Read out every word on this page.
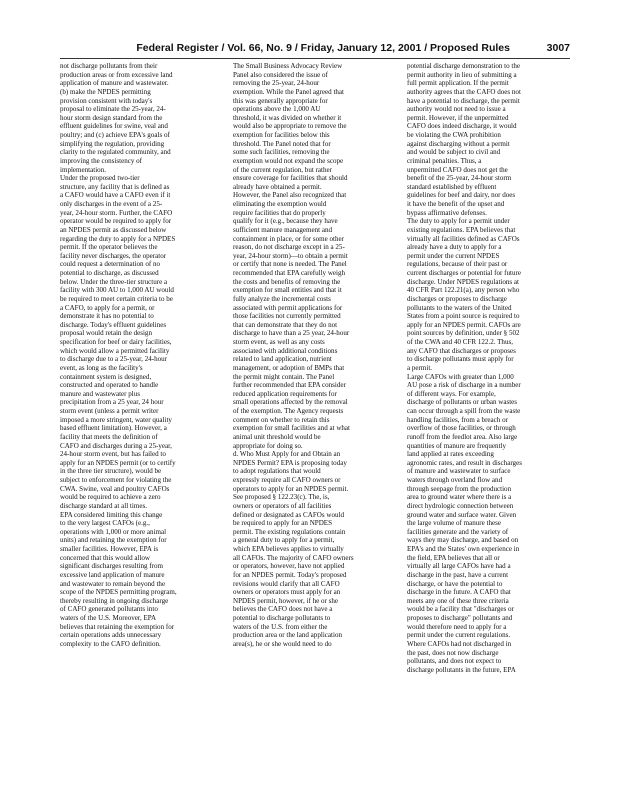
Federal Register / Vol. 66, No. 9 / Friday, January 12, 2001 / Proposed Rules	3007

not discharge pollutants from their

production areas or from excessive land

application of manure and wastewater.

(b) make the NPDES permitting

provision consistent with today's

proposal to eliminate the 25-year, 24-

hour storm design standard from the

effluent guidelines for swine, veal and

poultry; and (c) achieve EPA's goals of

simplifying the regulation, providing

clarity to the regulated community, and

improving the consistency of

implementation.

Under the proposed two-tier

structure, any facility that is defined as

a CAFO would have a CAFO even if it

only discharges in the event of a 25-

year, 24-hour storm. Further, the CAFO

operator would be required to apply for

an NPDES permit as discussed below

regarding the duty to apply for a NPDES

permit. If the operator believes the

facility never discharges, the operator

could request a determination of no

potential to discharge, as discussed

below. Under the three-tier structure a

facility with 300 AU to 1,000 AU would

be required to meet certain criteria to be

a CAFO, to apply for a permit, or

demonstrate it has no potential to

discharge. Today's effluent guidelines

proposal would retain the design

specification for beef or dairy facilities,

which would allow a permitted facility

to discharge due to a 25-year, 24-hour

event, as long as the facility's

containment system is designed,

constructed and operated to handle

manure and wastewater plus

precipitation from a 25 year, 24 hour

storm event (unless a permit writer

imposed a more stringent, water quality

based effluent limitation). However, a

facility that meets the definition of

CAFO and discharges during a 25-year,

24-hour storm event, but has failed to

apply for an NPDES permit (or to certify

in the three tier structure), would be

subject to enforcement for violating the

CWA. Swine, veal and poultry CAFOs

would be required to achieve a zero

discharge standard at all times.

EPA considered limiting this change

to the very largest CAFOs (e.g.,

operations with 1,000 or more animal

units) and retaining the exemption for

smaller facilities. However, EPA is

concerned that this would allow

significant discharges resulting from

excessive land application of manure

and wastewater to remain beyond the

scope of the NPDES permitting program,

thereby resulting in ongoing discharge

of CAFO generated pollutants into

waters of the U.S. Moreover, EPA

believes that retaining the exemption for

certain operations adds unnecessary

complexity to the CAFO definition.

The Small Business Advocacy Review

Panel also considered the issue of

removing the 25-year, 24-hour

exemption. While the Panel agreed that

this was generally appropriate for

operations above the 1,000 AU

threshold, it was divided on whether it

would also be appropriate to remove the

exemption for facilities below this

threshold. The Panel noted that for

some such facilities, removing the

exemption would not expand the scope

of the current regulation, but rather

ensure coverage for facilities that should

already have obtained a permit.

However, the Panel also recognized that

eliminating the exemption would

require facilities that do properly

qualify for it (e.g., because they have

sufficient manure management and

containment in place, or for some other

reason, do not discharge except in a 25-

year, 24-hour storm)—to obtain a permit

or certify that none is needed. The Panel

recommended that EPA carefully weigh

the costs and benefits of removing the

exemption for small entities and that it

fully analyze the incremental costs

associated with permit applications for

those facilities not currently permitted

that can demonstrate that they do not

discharge to have than a 25 year, 24-hour

storm event, as well as any costs

associated with additional conditions

related to land application, nutrient

management, or adoption of BMPs that

the permit might contain. The Panel

further recommended that EPA consider

reduced application requirements for

small operations affected by the removal

of the exemption. The Agency requests

comment on whether to retain this

exemption for small facilities and at what

animal unit threshold would be

appropriate for doing so.

d. Who Must Apply for and Obtain an

NPDES Permit? EPA is proposing today

to adopt regulations that would

expressly require all CAFO owners or

operators to apply for an NPDES permit.

See proposed § 122.23(c). The, is,

owners or operators of all facilities

defined or designated as CAFOs would

be required to apply for an NPDES

permit. The existing regulations contain

a general duty to apply for a permit,

which EPA believes applies to virtually

all CAFOs. The majority of CAFO owners

or operators, however, have not applied

for an NPDES permit. Today's proposed

revisions would clarify that all CAFO

owners or operators must apply for an

NPDES permit, however, if he or she

believes the CAFO does not have a

potential to discharge pollutants to

waters of the U.S. from either the

production area or the land application

area(s), he or she would need to do

potential discharge demonstration to the

permit authority in lieu of submitting a

full permit application. If the permit

authority agrees that the CAFO does not

have a potential to discharge, the permit

authority would not need to issue a

permit. However, if the unpermitted

CAFO does indeed discharge, it would

be violating the CWA prohibition

against discharging without a permit

and would be subject to civil and

criminal penalties. Thus, a

unpermitted CAFO does not get the

benefit of the 25-year, 24-hour storm

standard established by effluent

guidelines for beef and dairy, nor does

it have the benefit of the upset and

bypass affirmative defenses.

The duty to apply for a permit under

existing regulations. EPA believes that

virtually all facilities defined as CAFOs

already have a duty to apply for a

permit under the current NPDES

regulations, because of their past or

current discharges or potential for future

discharge. Under NPDES regulations at

40 CFR Part 122.21(a), any person who

discharges or proposes to discharge

pollutants to the waters of the United

States from a point source is required to

apply for an NPDES permit. CAFOs are

point sources by definition, under § 502

of the CWA and 40 CFR 122.2. Thus,

any CAFO that discharges or proposes

to discharge pollutants must apply for

a permit.

Large CAFOs with greater than 1,000

AU pose a risk of discharge in a number

of different ways. For example,

discharge of pollutants or urban wastes

can occur through a spill from the waste

handling facilities, from a breach or

overflow of those facilities, or through

runoff from the feedlot area. Also large

quantities of manure are frequently

land applied at rates exceeding

agronomic rates, and result in discharges

of manure and wastewater to surface

waters through overland flow and

through seepage from the production

area to ground water where there is a

direct hydrologic connection between

ground water and surface water. Given

the large volume of manure these

facilities generate and the variety of

ways they may discharge, and based on

EPA's and the States' own experience in

the field, EPA believes that all or

virtually all large CAFOs have had a

discharge in the past, have a current

discharge, or have the potential to

discharge in the future. A CAFO that

meets any one of these three criteria

would be a facility that "discharges or

proposes to discharge" pollutants and

would therefore need to apply for a

permit under the current regulations.

Where CAFOs had not discharged in

the past, does not now discharge

pollutants, and does not expect to

discharge pollutants in the future, EPA
